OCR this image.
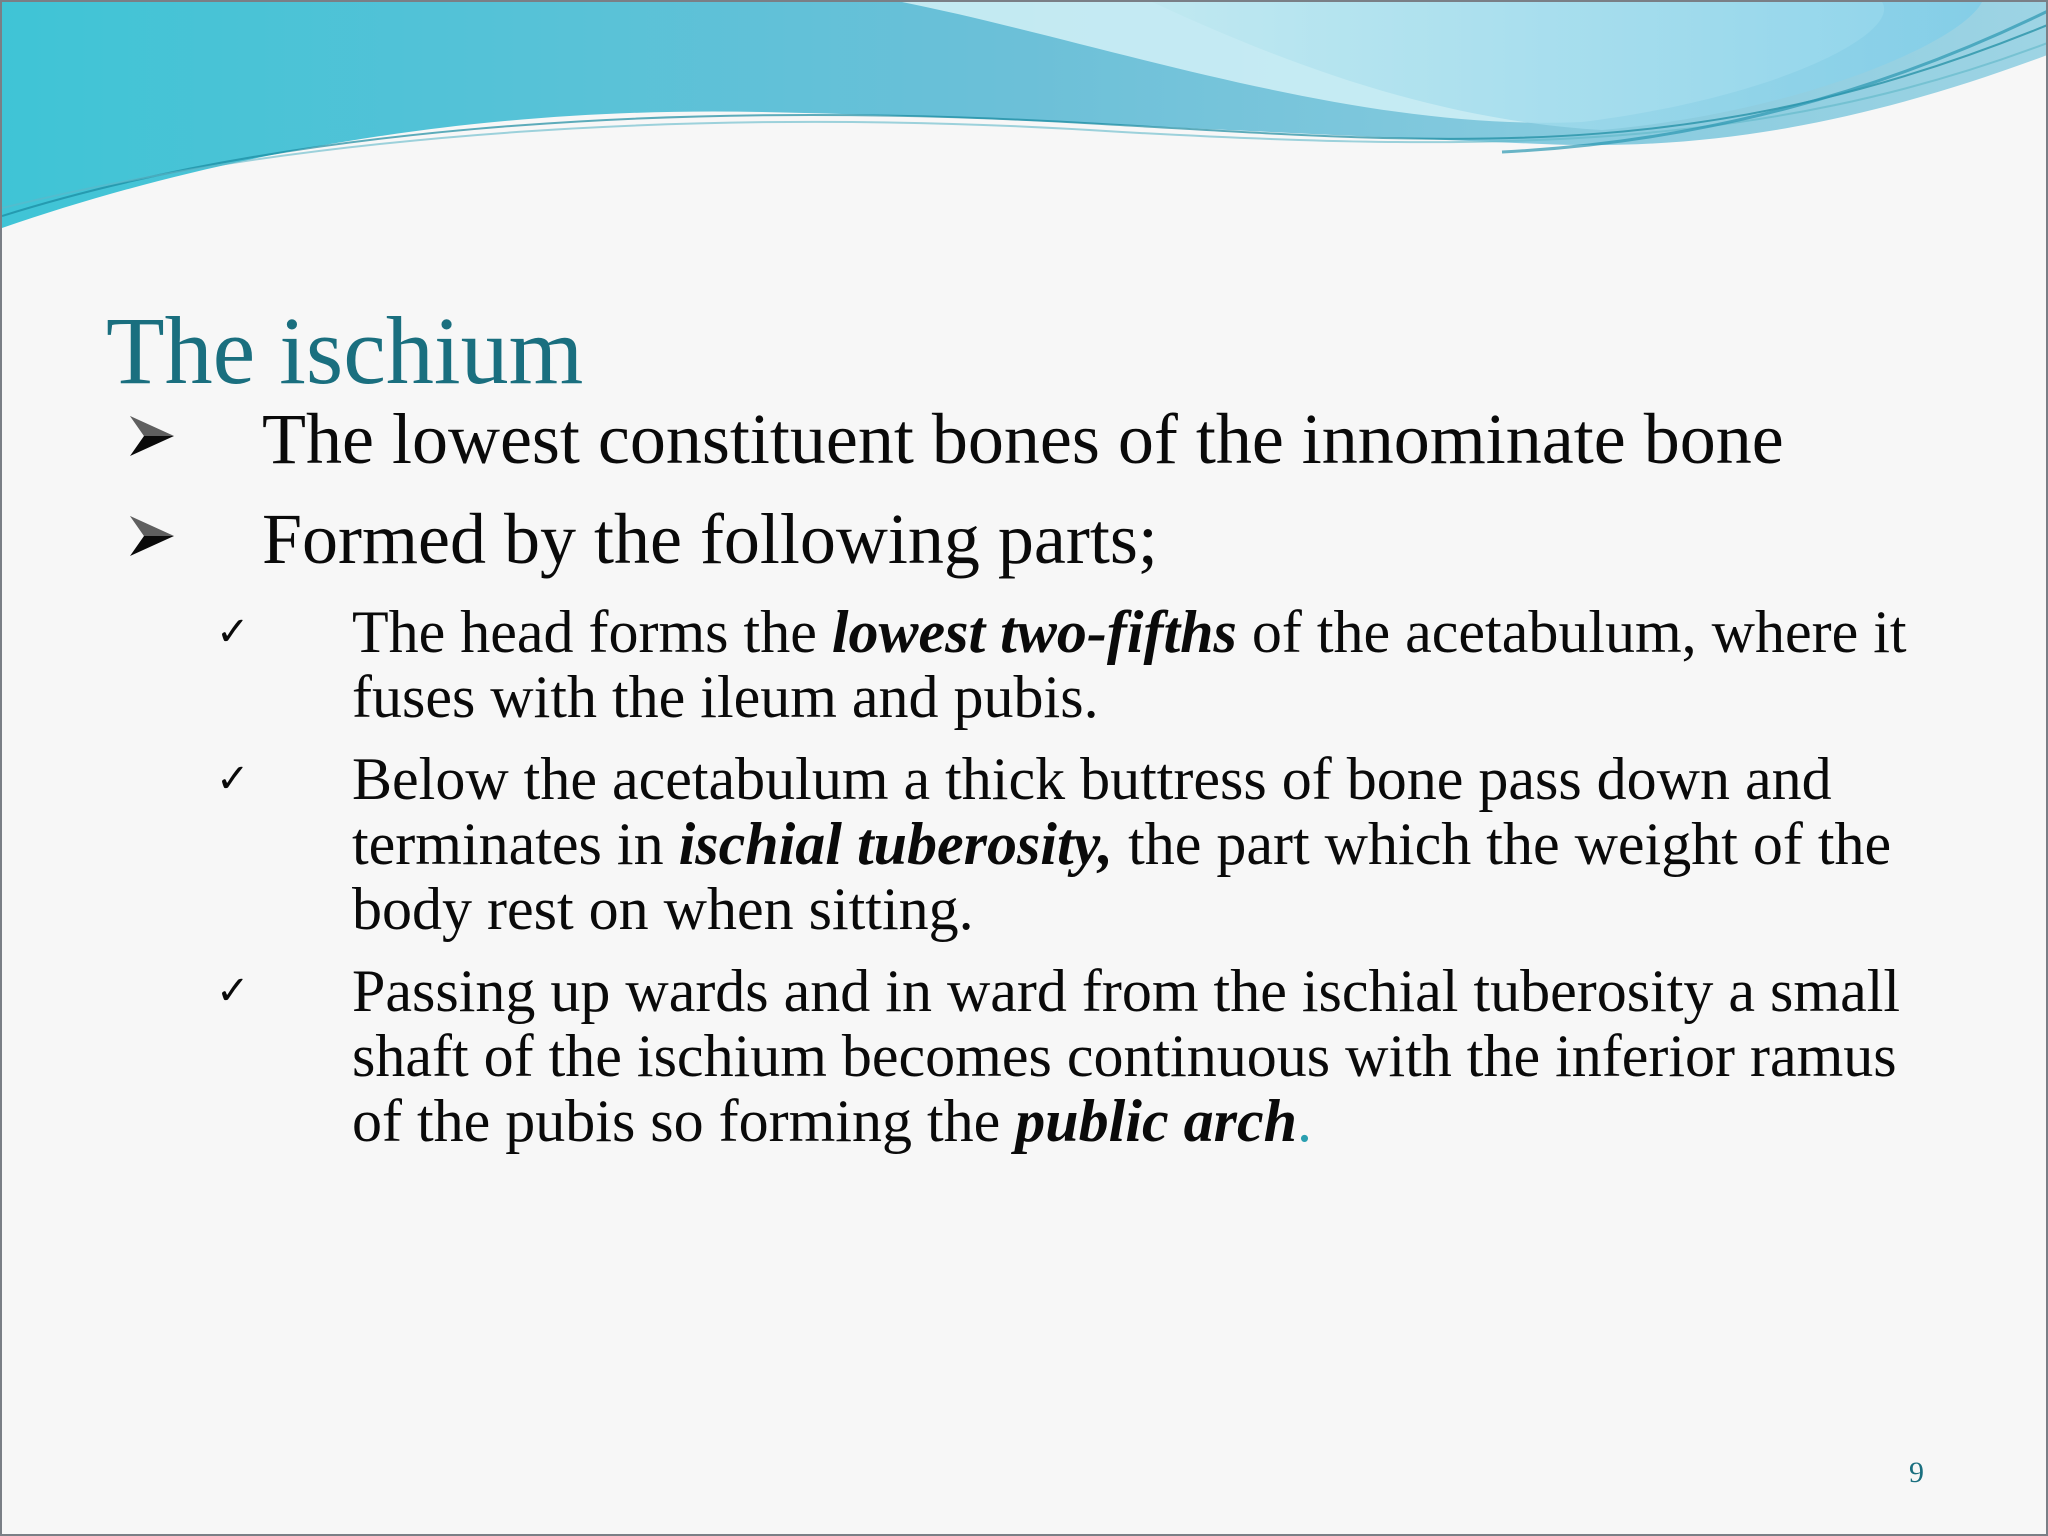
The ischium
The lowest constituent bones of the innominate bone
Formed by the following parts;
✓ The head forms the lowest two-fifths of the acetabulum, where it fuses with the ileum and pubis.
✓ Below the acetabulum a thick buttress of bone pass down and terminates in ischial tuberosity, the part which the weight of the body rest on when sitting.
✓ Passing up wards and in ward from the ischial tuberosity a small shaft of the ischium becomes continuous with the inferior ramus of the pubis so forming the public arch.
9
